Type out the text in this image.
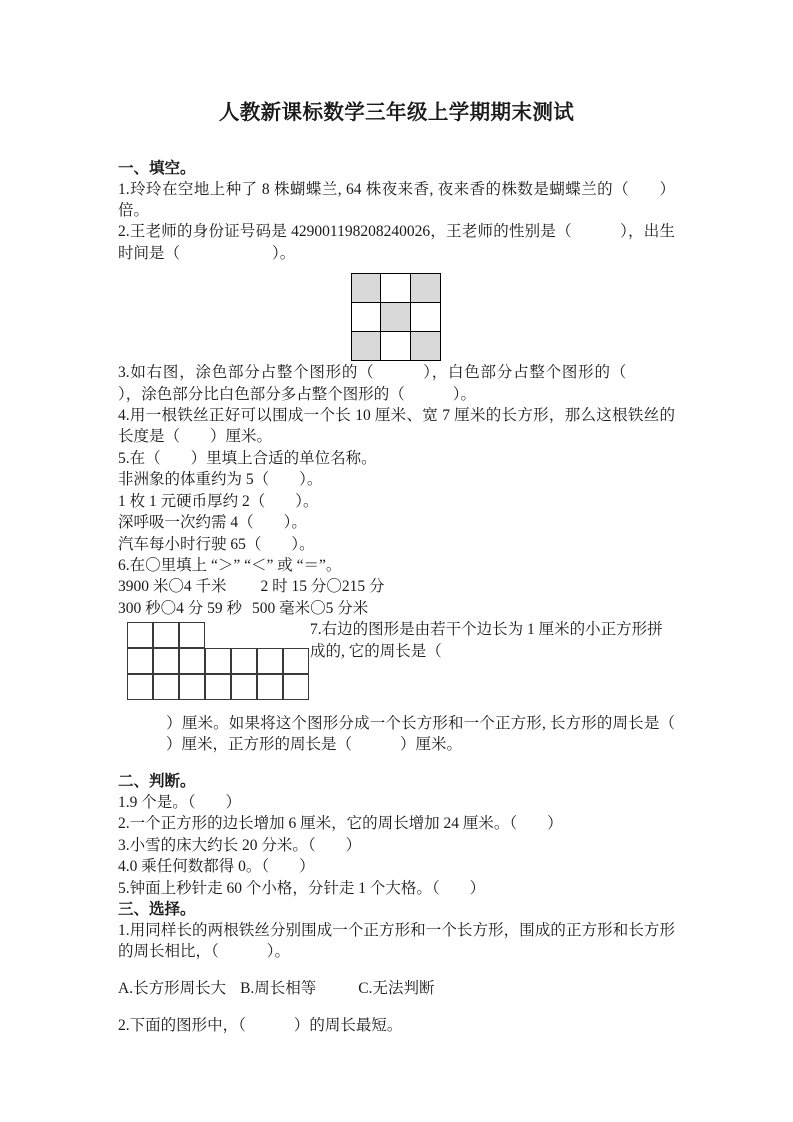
人教新课标数学三年级上学期期末测试

一、填空。

1.玲玲在空地上种了 8 株蝴蝶兰, 64 株夜来香, 夜来香的株数是蝴蝶兰的（ ）倍。

2.王老师的身份证号码是 429001198208240026，王老师的性别是（	），出生时间是（	）。

3.如右图，涂色部分占整个图形的（	），白色部分占整个图形的（），涂色部分比白色部分多占整个图形的（	）。

4.用一根铁丝正好可以围成一个长 10 厘米、宽 7 厘米的长方形，那么这根铁丝的长度是（ ）厘米。

5.在（ ）里填上合适的单位名称。

非洲象的体重约为 5（ ）。

1 枚 1 元硬币厚约 2（ ）。

深呼吸一次约需 4（ ）。

汽车每小时行驶 65（ ）。

6.在〇里填上 “＞” “＜” 或 “＝”。

3900 米〇4 千米 2 时 15 分〇215 分

300 秒〇4 分 59 秒 500 毫米〇5 分米

7.右边的图形是由若干个边长为 1 厘米的小正方形拼成的, 它的周长是（

）厘米。如果将这个图形分成一个长方形和一个正方形, 长方形的周长是（）厘米，正方形的周长是（	）厘米。

二、判断。

1.9 个是。（ ）

2.一个正方形的边长增加 6 厘米，它的周长增加 24 厘米。（ ）

3.小雪的床大约长 20 分米。（ ）

4.0 乘任何数都得 0。（ ）

5.钟面上秒针走 60 个小格，分针走 1 个大格。（ ）

三、选择。

1.用同样长的两根铁丝分别围成一个正方形和一个长方形，围成的正方形和长方形的周长相比，（	）。

A.长方形周长大 B.周长相等	C.无法判断

2.下面的图形中，（	）的周长最短。
